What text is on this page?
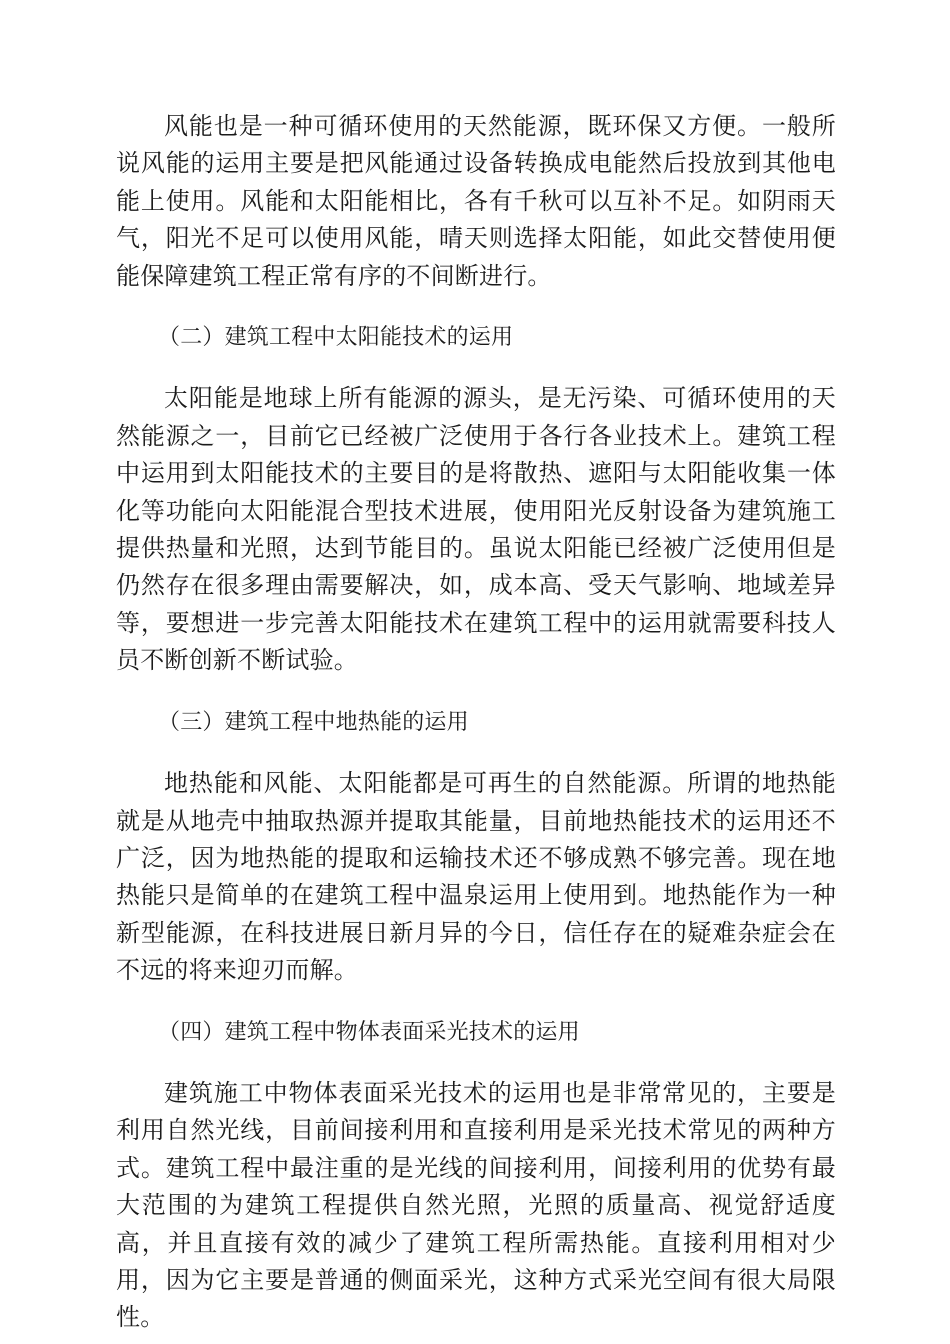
风能也是一种可循环使用的天然能源，既环保又方便。一般所说风能的运用主要是把风能通过设备转换成电能然后投放到其他电能上使用。风能和太阳能相比，各有千秋可以互补不足。如阴雨天气，阳光不足可以使用风能，晴天则选择太阳能，如此交替使用便能保障建筑工程正常有序的不间断进行。

（二）建筑工程中太阳能技术的运用

太阳能是地球上所有能源的源头，是无污染、可循环使用的天然能源之一，目前它已经被广泛使用于各行各业技术上。建筑工程中运用到太阳能技术的主要目的是将散热、遮阳与太阳能收集一体化等功能向太阳能混合型技术进展，使用阳光反射设备为建筑施工提供热量和光照，达到节能目的。虽说太阳能已经被广泛使用但是仍然存在很多理由需要解决，如，成本高、受天气影响、地域差异等，要想进一步完善太阳能技术在建筑工程中的运用就需要科技人员不断创新不断试验。

（三）建筑工程中地热能的运用

地热能和风能、太阳能都是可再生的自然能源。所谓的地热能就是从地壳中抽取热源并提取其能量，目前地热能技术的运用还不广泛，因为地热能的提取和运输技术还不够成熟不够完善。现在地热能只是简单的在建筑工程中温泉运用上使用到。地热能作为一种新型能源，在科技进展日新月异的今日，信任存在的疑难杂症会在不远的将来迎刃而解。

（四）建筑工程中物体表面采光技术的运用

建筑施工中物体表面采光技术的运用也是非常常见的，主要是利用自然光线，目前间接利用和直接利用是采光技术常见的两种方式。建筑工程中最注重的是光线的间接利用，间接利用的优势有最大范围的为建筑工程提供自然光照，光照的质量高、视觉舒适度高，并且直接有效的减少了建筑工程所需热能。直接利用相对少用，因为它主要是普通的侧面采光，这种方式采光空间有很大局限性。
